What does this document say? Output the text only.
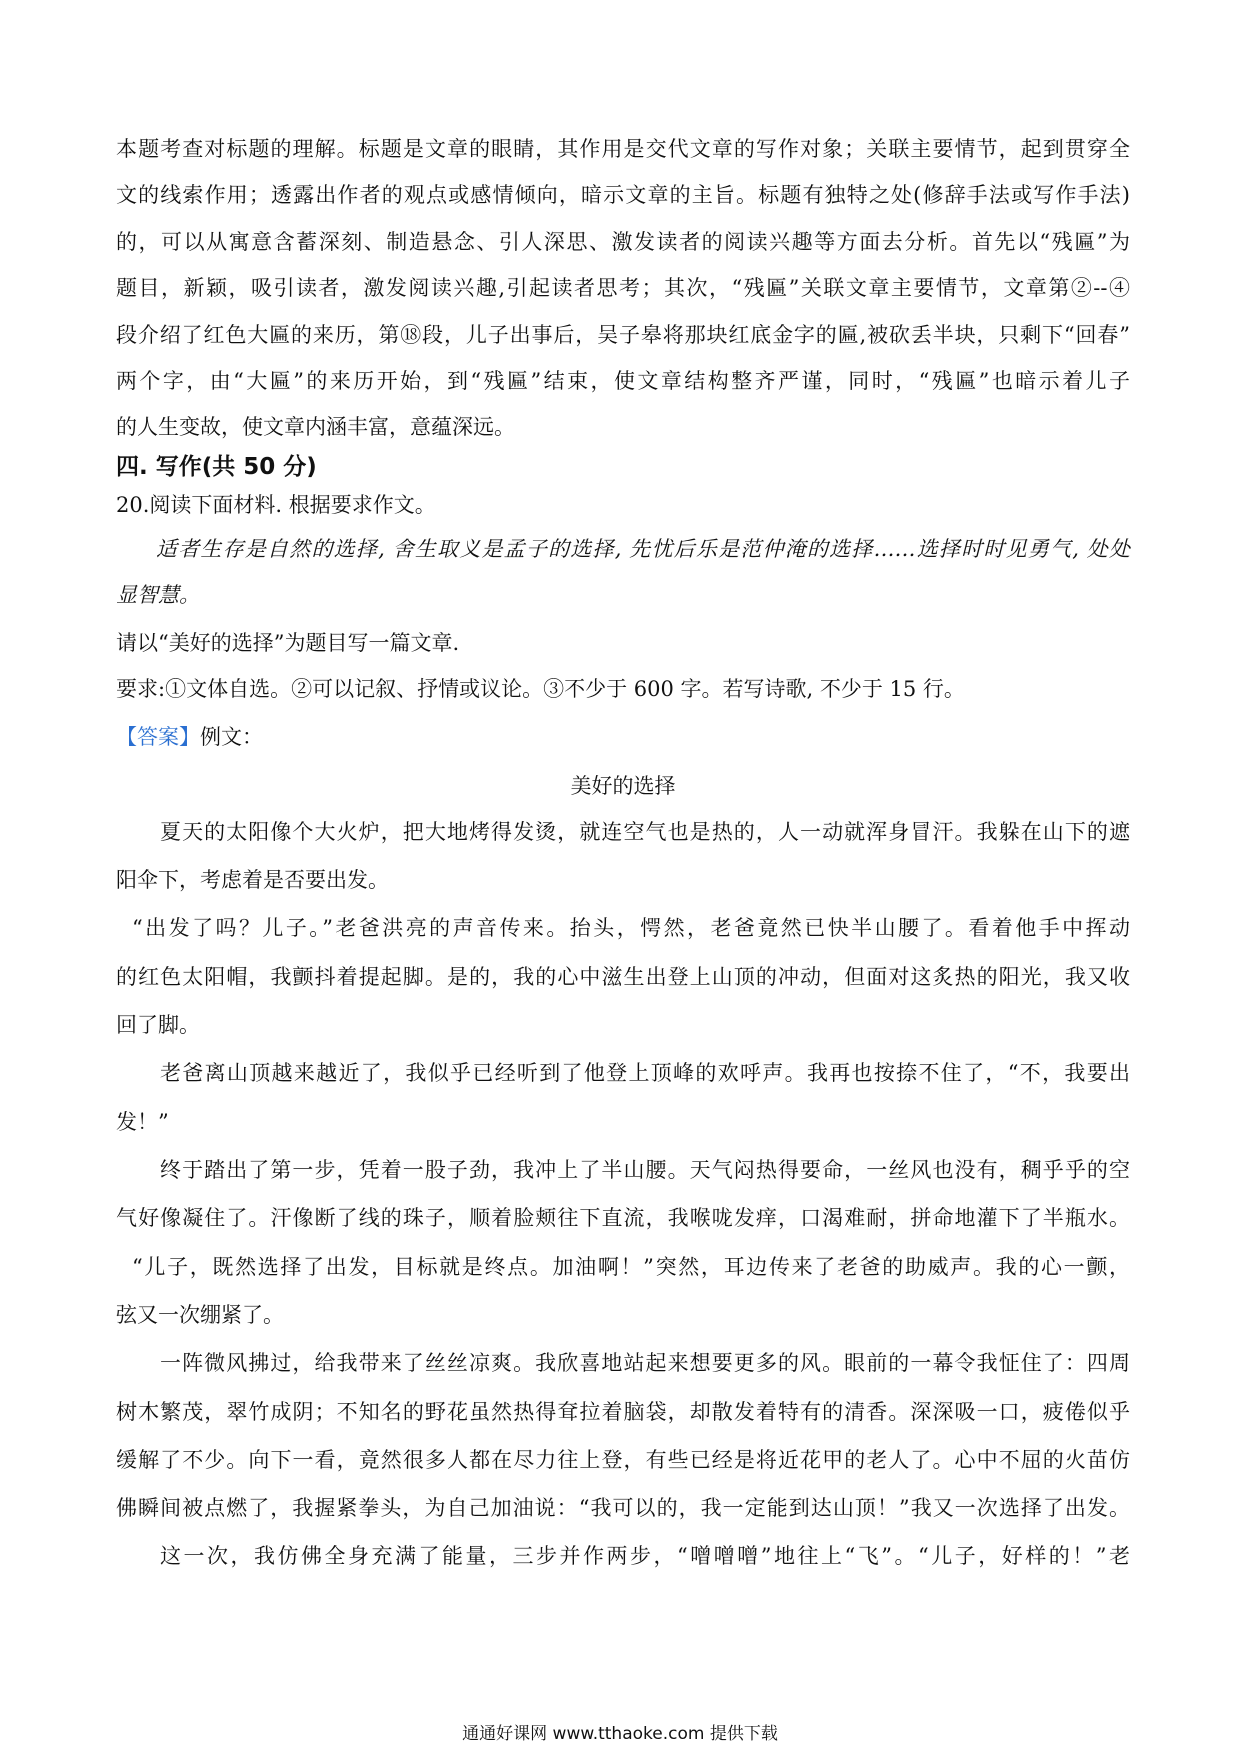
本题考查对标题的理解。标题是文章的眼睛，其作用是交代文章的写作对象；关联主要情节，起到贯穿全
文的线索作用；透露出作者的观点或感情倾向，暗示文章的主旨。标题有独特之处(修辞手法或写作手法)
的，可以从寓意含蓄深刻、制造悬念、引人深思、激发读者的阅读兴趣等方面去分析。首先以“残匾”为
题目，新颖，吸引读者，激发阅读兴趣,引起读者思考；其次，“残匾”关联文章主要情节，文章第②--④
段介绍了红色大匾的来历，第⑱段，儿子出事后，吴子皋将那块红底金字的匾,被砍丢半块，只剩下“回春”
两个字，由“大匾”的来历开始，到“残匾”结束，使文章结构整齐严谨，同时，“残匾”也暗示着儿子
的人生变故，使文章内涵丰富，意蕴深远。
四. 写作(共 50 分)
20.阅读下面材料. 根据要求作文。
适者生存是自然的选择, 舍生取义是孟子的选择, 先忧后乐是范仲淹的选择……选择时时见勇气, 处处
显智慧。
请以“美好的选择”为题目写一篇文章.
要求:①文体自选。②可以记叙、抒情或议论。③不少于 600 字。若写诗歌, 不少于 15 行。
【答案】例文：
美好的选择
夏天的太阳像个大火炉，把大地烤得发烫，就连空气也是热的，人一动就浑身冒汗。我躲在山下的遮
阳伞下，考虑着是否要出发。
“出发了吗？儿子。”老爸洪亮的声音传来。抬头，愕然，老爸竟然已快半山腰了。看着他手中挥动
的红色太阳帽，我颤抖着提起脚。是的，我的心中滋生出登上山顶的冲动，但面对这炙热的阳光，我又收
回了脚。
老爸离山顶越来越近了，我似乎已经听到了他登上顶峰的欢呼声。我再也按捺不住了，“不，我要出
发！”
终于踏出了第一步，凭着一股子劲，我冲上了半山腰。天气闷热得要命，一丝风也没有，稠乎乎的空
气好像凝住了。汗像断了线的珠子，顺着脸颊往下直流，我喉咙发痒，口渴难耐，拼命地灌下了半瓶水。
“儿子，既然选择了出发，目标就是终点。加油啊！”突然，耳边传来了老爸的助威声。我的心一颤，
弦又一次绷紧了。
一阵微风拂过，给我带来了丝丝凉爽。我欣喜地站起来想要更多的风。眼前的一幕令我怔住了：四周
树木繁茂，翠竹成阴；不知名的野花虽然热得耷拉着脑袋，却散发着特有的清香。深深吸一口，疲倦似乎
缓解了不少。向下一看，竟然很多人都在尽力往上登，有些已经是将近花甲的老人了。心中不屈的火苗仿
佛瞬间被点燃了，我握紧拳头，为自己加油说：“我可以的，我一定能到达山顶！”我又一次选择了出发。
这一次，我仿佛全身充满了能量，三步并作两步，“噌噌噌”地往上“飞”。“儿子，好样的！”老
通通好课网 www.tthaoke.com 提供下载
